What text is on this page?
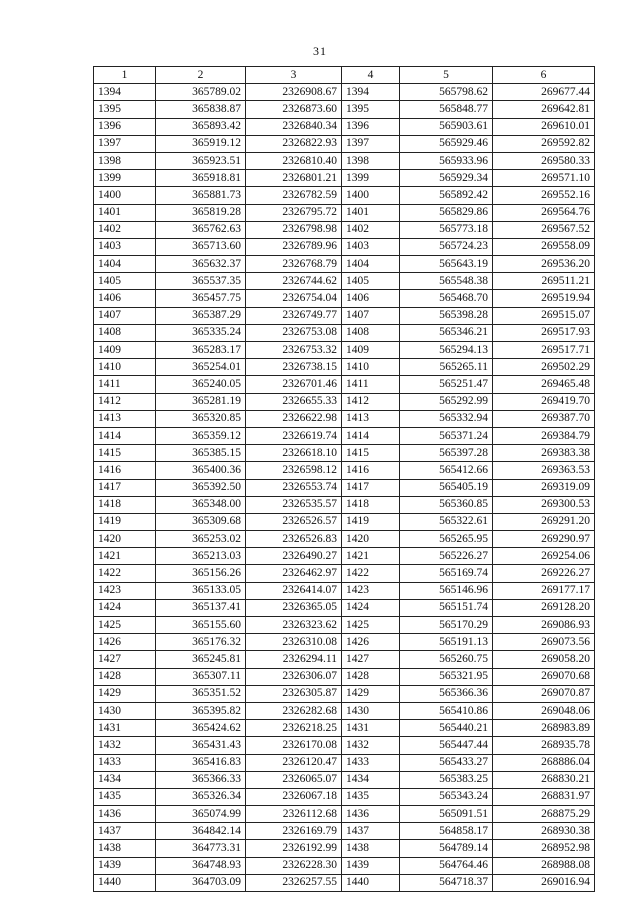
31
1	2	3	4	5	6
1394	365789.02	2326908.67	1394	565798.62	269677.44
1395	365838.87	2326873.60	1395	565848.77	269642.81
1396	365893.42	2326840.34	1396	565903.61	269610.01
1397	365919.12	2326822.93	1397	565929.46	269592.82
1398	365923.51	2326810.40	1398	565933.96	269580.33
1399	365918.81	2326801.21	1399	565929.34	269571.10
1400	365881.73	2326782.59	1400	565892.42	269552.16
1401	365819.28	2326795.72	1401	565829.86	269564.76
1402	365762.63	2326798.98	1402	565773.18	269567.52
1403	365713.60	2326789.96	1403	565724.23	269558.09
1404	365632.37	2326768.79	1404	565643.19	269536.20
1405	365537.35	2326744.62	1405	565548.38	269511.21
1406	365457.75	2326754.04	1406	565468.70	269519.94
1407	365387.29	2326749.77	1407	565398.28	269515.07
1408	365335.24	2326753.08	1408	565346.21	269517.93
1409	365283.17	2326753.32	1409	565294.13	269517.71
1410	365254.01	2326738.15	1410	565265.11	269502.29
1411	365240.05	2326701.46	1411	565251.47	269465.48
1412	365281.19	2326655.33	1412	565292.99	269419.70
1413	365320.85	2326622.98	1413	565332.94	269387.70
1414	365359.12	2326619.74	1414	565371.24	269384.79
1415	365385.15	2326618.10	1415	565397.28	269383.38
1416	365400.36	2326598.12	1416	565412.66	269363.53
1417	365392.50	2326553.74	1417	565405.19	269319.09
1418	365348.00	2326535.57	1418	565360.85	269300.53
1419	365309.68	2326526.57	1419	565322.61	269291.20
1420	365253.02	2326526.83	1420	565265.95	269290.97
1421	365213.03	2326490.27	1421	565226.27	269254.06
1422	365156.26	2326462.97	1422	565169.74	269226.27
1423	365133.05	2326414.07	1423	565146.96	269177.17
1424	365137.41	2326365.05	1424	565151.74	269128.20
1425	365155.60	2326323.62	1425	565170.29	269086.93
1426	365176.32	2326310.08	1426	565191.13	269073.56
1427	365245.81	2326294.11	1427	565260.75	269058.20
1428	365307.11	2326306.07	1428	565321.95	269070.68
1429	365351.52	2326305.87	1429	565366.36	269070.87
1430	365395.82	2326282.68	1430	565410.86	269048.06
1431	365424.62	2326218.25	1431	565440.21	268983.89
1432	365431.43	2326170.08	1432	565447.44	268935.78
1433	365416.83	2326120.47	1433	565433.27	268886.04
1434	365366.33	2326065.07	1434	565383.25	268830.21
1435	365326.34	2326067.18	1435	565343.24	268831.97
1436	365074.99	2326112.68	1436	565091.51	268875.29
1437	364842.14	2326169.79	1437	564858.17	268930.38
1438	364773.31	2326192.99	1438	564789.14	268952.98
1439	364748.93	2326228.30	1439	564764.46	268988.08
1440	364703.09	2326257.55	1440	564718.37	269016.94
